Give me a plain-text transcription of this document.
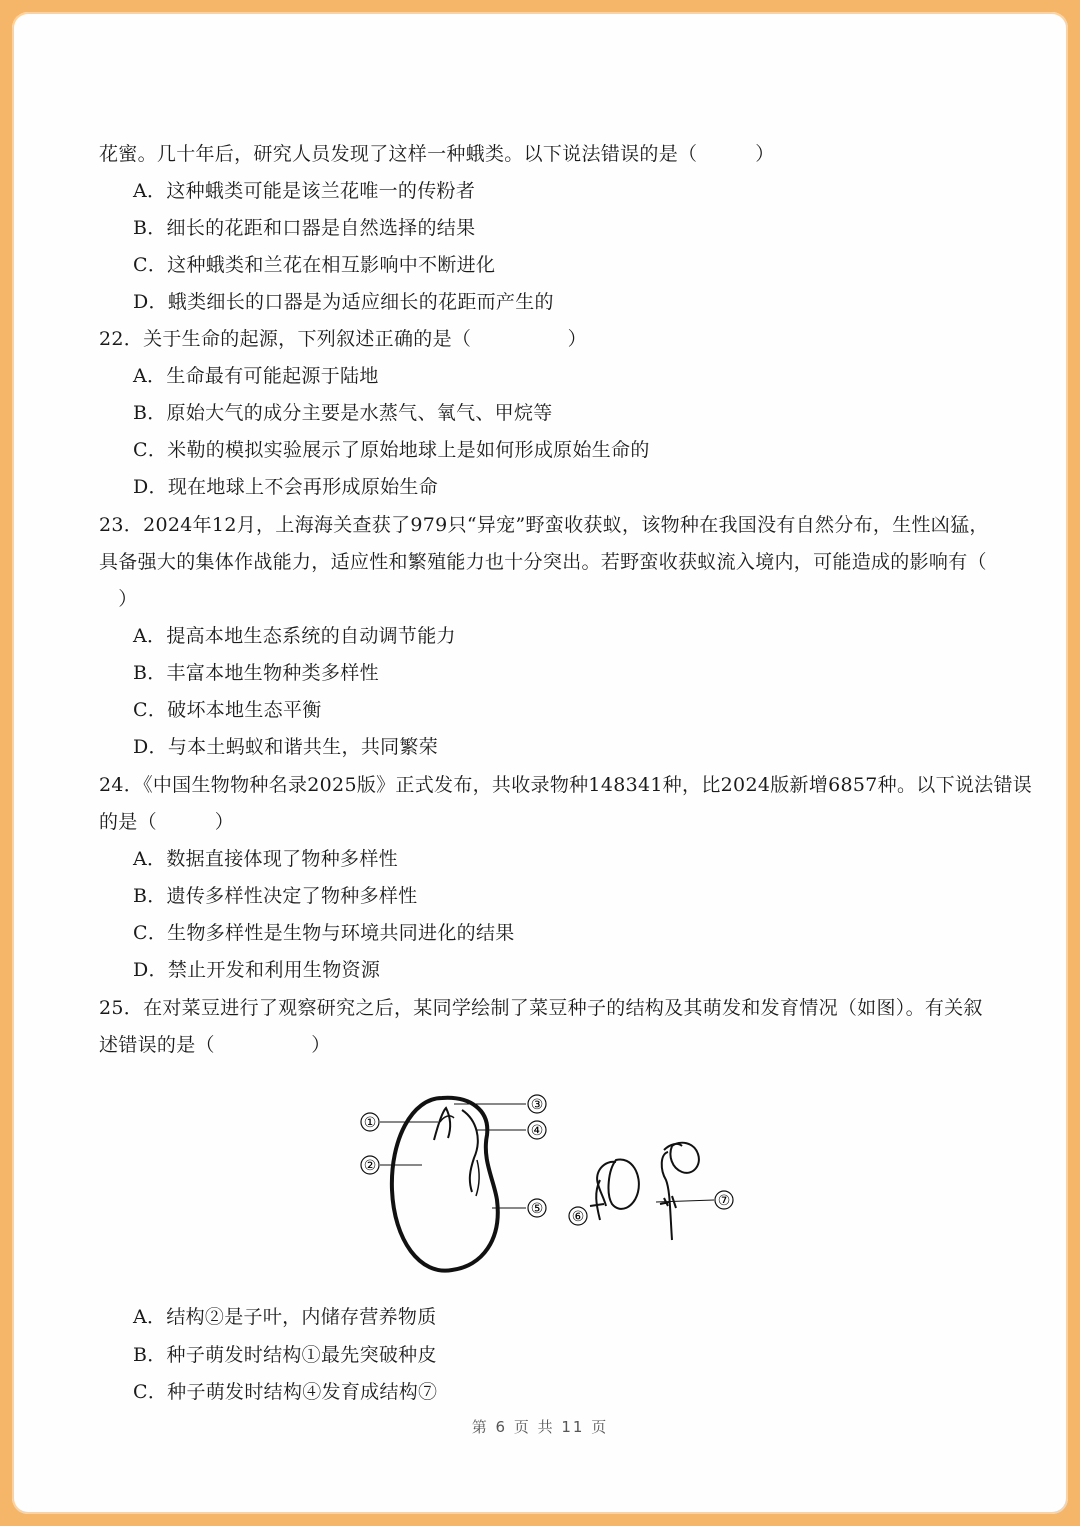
花蜜。几十年后，研究人员发现了这样一种蛾类。以下说法错误的是（　　　）
A．这种蛾类可能是该兰花唯一的传粉者
B．细长的花距和口器是自然选择的结果
C．这种蛾类和兰花在相互影响中不断进化
D．蛾类细长的口器是为适应细长的花距而产生的
22．关于生命的起源，下列叙述正确的是（　　　　　）
A．生命最有可能起源于陆地
B．原始大气的成分主要是水蒸气、氧气、甲烷等
C．米勒的模拟实验展示了原始地球上是如何形成原始生命的
D．现在地球上不会再形成原始生命
23．2024年12月，上海海关查获了979只“异宠”野蛮收获蚁，该物种在我国没有自然分布，生性凶猛，
具备强大的集体作战能力，适应性和繁殖能力也十分突出。若野蛮收获蚁流入境内，可能造成的影响有（
　）
A．提高本地生态系统的自动调节能力
B．丰富本地生物种类多样性
C．破坏本地生态平衡
D．与本土蚂蚁和谐共生，共同繁荣
24．《中国生物物种名录2025版》正式发布，共收录物种148341种，比2024版新增6857种。以下说法错误
的是（　　　）
A．数据直接体现了物种多样性
B．遗传多样性决定了物种多样性
C．生物多样性是生物与环境共同进化的结果
D．禁止开发和利用生物资源
25．在对菜豆进行了观察研究之后，某同学绘制了菜豆种子的结构及其萌发和发育情况（如图）。有关叙
述错误的是（　　　　　）
A．结构②是子叶，内储存营养物质
B．种子萌发时结构①最先突破种皮
C．种子萌发时结构④发育成结构⑦
①
②
③
④
⑤ ⑥
⑦
第 6 页 共 11 页
